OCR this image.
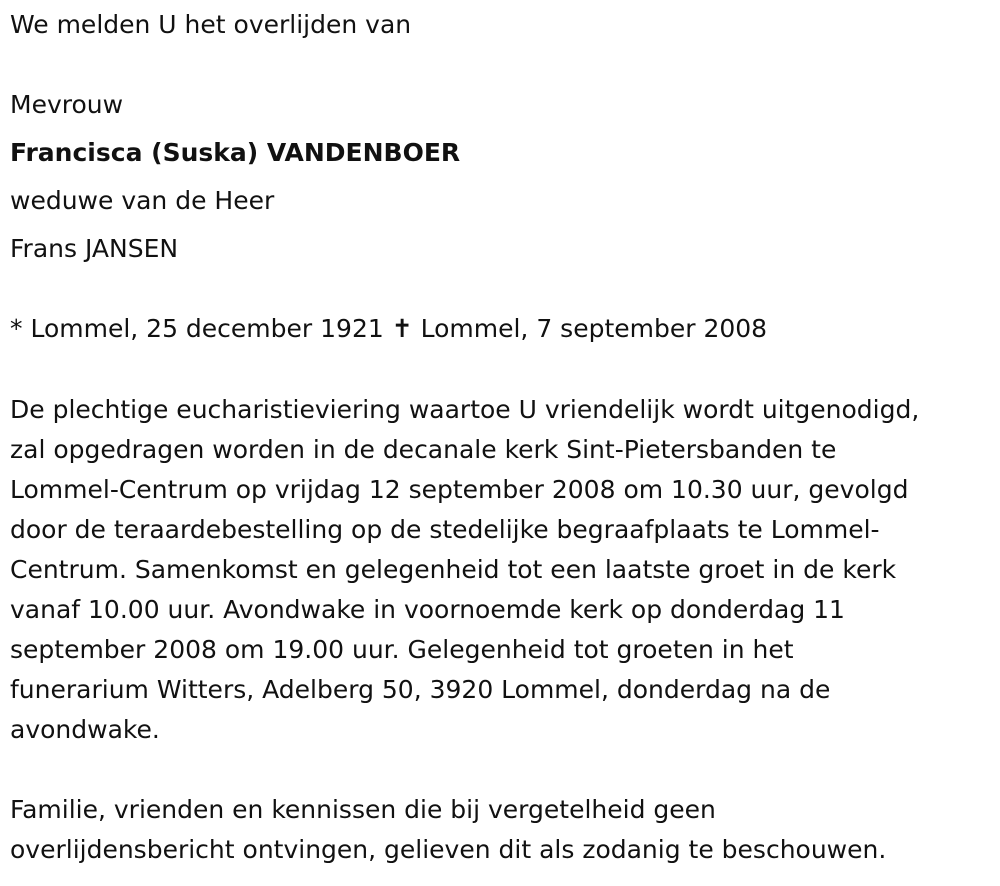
We melden U het overlijden van
Mevrouw
Francisca (Suska) VANDENBOER
weduwe van de Heer
Frans JANSEN
* Lommel, 25 december 1921 ✝ Lommel, 7 september 2008
De plechtige eucharistieviering waartoe U vriendelijk wordt uitgenodigd,
zal opgedragen worden in de decanale kerk Sint-Pietersbanden te
Lommel-Centrum op vrijdag 12 september 2008 om 10.30 uur, gevolgd
door de teraardebestelling op de stedelijke begraafplaats te Lommel-
Centrum. Samenkomst en gelegenheid tot een laatste groet in de kerk
vanaf 10.00 uur. Avondwake in voornoemde kerk op donderdag 11
september 2008 om 19.00 uur. Gelegenheid tot groeten in het
funerarium Witters, Adelberg 50, 3920 Lommel, donderdag na de
avondwake.
Familie, vrienden en kennissen die bij vergetelheid geen
overlijdensbericht ontvingen, gelieven dit als zodanig te beschouwen.
